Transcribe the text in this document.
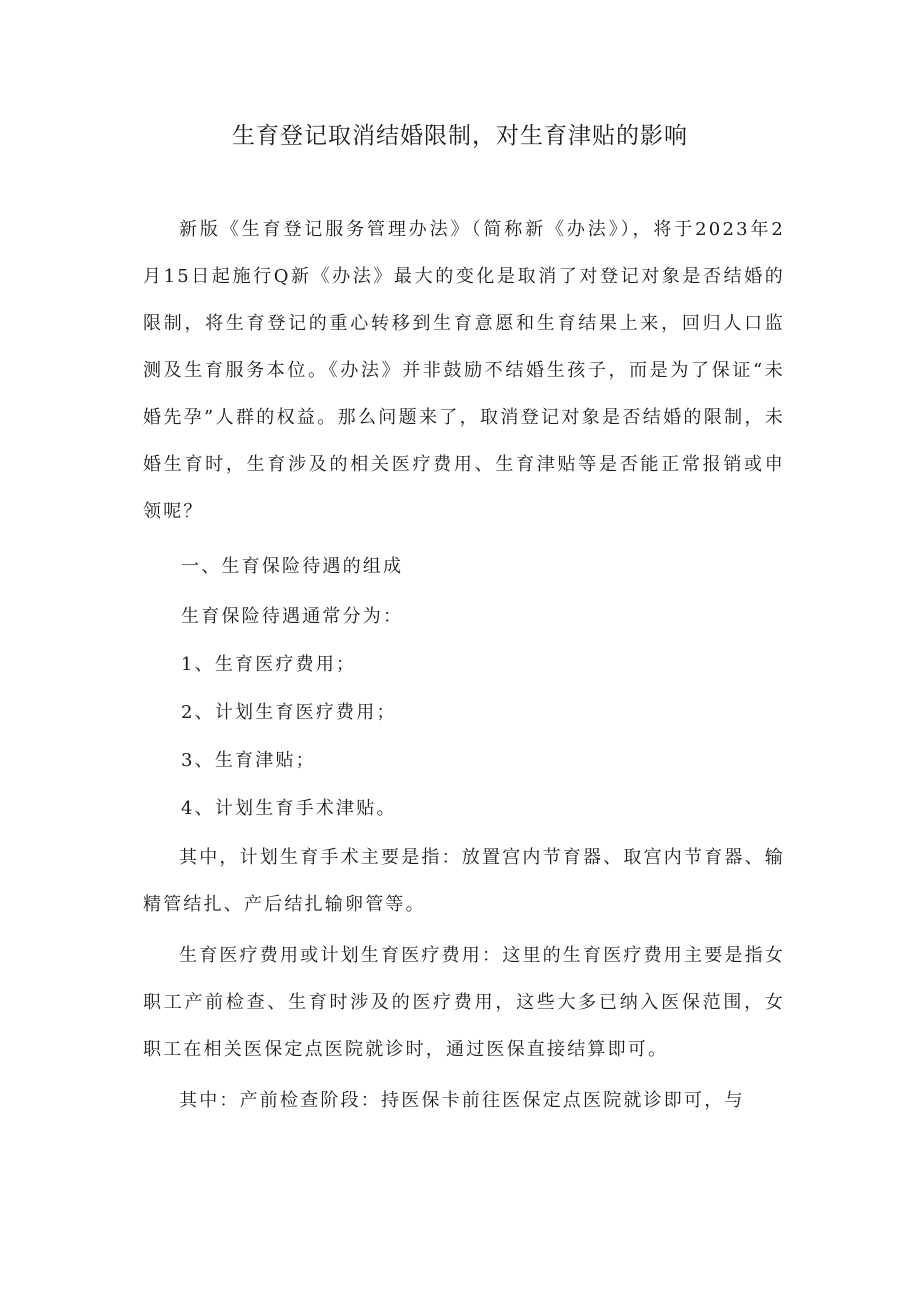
生育登记取消结婚限制，对生育津贴的影响

新版《生育登记服务管理办法》（简称新《办法》），将于2023年2月15日起施行Q新《办法》最大的变化是取消了对登记对象是否结婚的限制，将生育登记的重心转移到生育意愿和生育结果上来，回归人口监测及生育服务本位。《办法》并非鼓励不结婚生孩子，而是为了保证“未婚先孕”人群的权益。那么问题来了，取消登记对象是否结婚的限制，未婚生育时，生育涉及的相关医疗费用、生育津贴等是否能正常报销或申领呢？

一、生育保险待遇的组成
生育保险待遇通常分为：
1、生育医疗费用；
2、计划生育医疗费用；
3、生育津贴；
4、计划生育手术津贴。

其中，计划生育手术主要是指：放置宫内节育器、取宫内节育器、输精管结扎、产后结扎输卵管等。

生育医疗费用或计划生育医疗费用：这里的生育医疗费用主要是指女职工产前检查、生育时涉及的医疗费用，这些大多已纳入医保范围，女职工在相关医保定点医院就诊时，通过医保直接结算即可。

其中：产前检查阶段：持医保卡前往医保定点医院就诊即可，与
